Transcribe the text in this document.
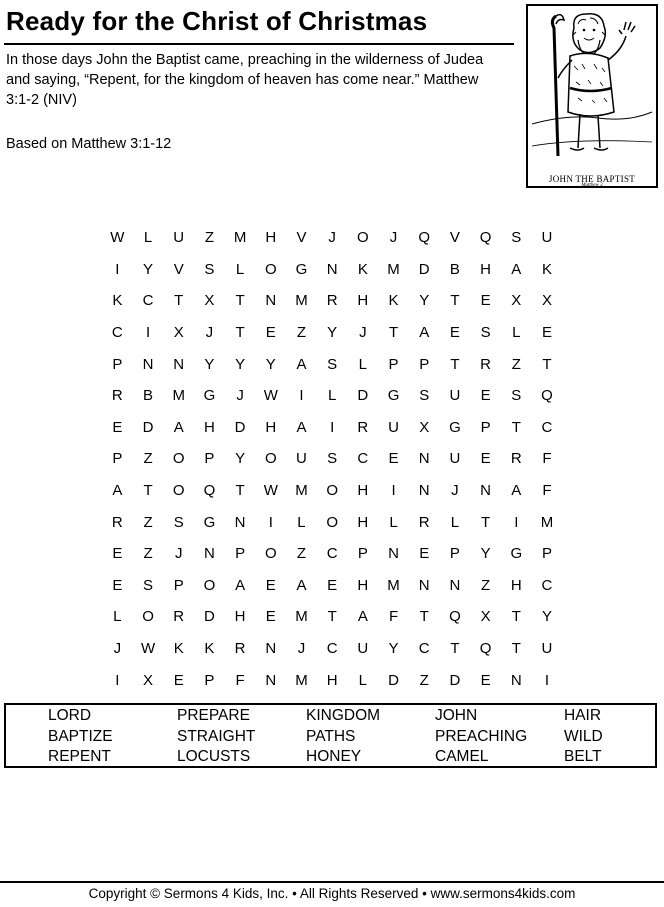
Ready for the Christ of Christmas
In those days John the Baptist came, preaching in the wilderness of Judea and saying, “Repent, for the kingdom of heaven has come near.” Matthew 3:1-2 (NIV)
Based on Matthew 3:1-12
JOHN THE BAPTIST
Matthew 3
W	L	U	Z	M	H	V	J	O	J	Q	V	Q	S	U
I	Y	V	S	L	O	G	N	K	M	D	B	H	A	K
K	C	T	X	T	N	M	R	H	K	Y	T	E	X	X
C	I	X	J	T	E	Z	Y	J	T	A	E	S	L	E
P	N	N	Y	Y	Y	A	S	L	P	P	T	R	Z	T
R	B	M	G	J	W	I	L	D	G	S	U	E	S	Q
E	D	A	H	D	H	A	I	R	U	X	G	P	T	C
P	Z	O	P	Y	O	U	S	C	E	N	U	E	R	F
A	T	O	Q	T	W	M	O	H	I	N	J	N	A	F
R	Z	S	G	N	I	L	O	H	L	R	L	T	I	M
E	Z	J	N	P	O	Z	C	P	N	E	P	Y	G	P
E	S	P	O	A	E	A	E	H	M	N	N	Z	H	C
L	O	R	D	H	E	M	T	A	F	T	Q	X	T	Y
J	W	K	K	R	N	J	C	U	Y	C	T	Q	T	U
I	X	E	P	F	N	M	H	L	D	Z	D	E	N	I
LORD	PREPARE	KINGDOM	JOHN	HAIR
BAPTIZE	STRAIGHT	PATHS	PREACHING	WILD
REPENT	LOCUSTS	HONEY	CAMEL	BELT
Copyright © Sermons 4 Kids, Inc. • All Rights Reserved • www.sermons4kids.com
